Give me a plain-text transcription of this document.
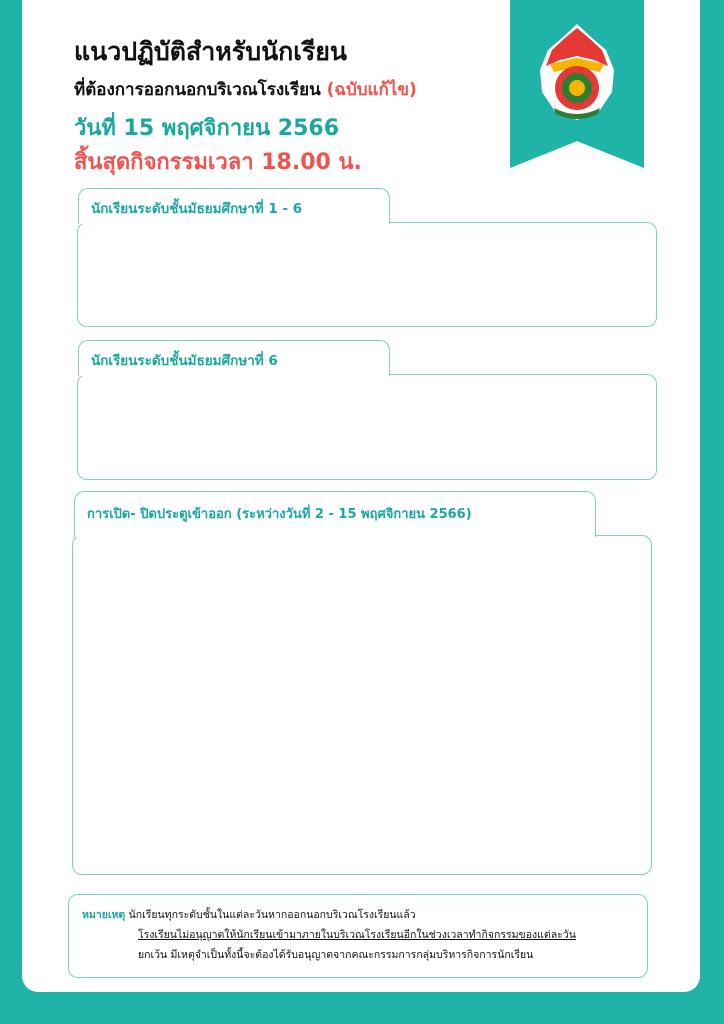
แนวปฏิบัติสำหรับนักเรียน
ที่ต้องการออกนอกบริเวณโรงเรียน (ฉบับแก้ไข)
วันที่ 15 พฤศจิกายน 2566
สิ้นสุดกิจกรรมเวลา 18.00 น.
นักเรียนระดับชั้นมัธยมศึกษาที่ 1 - 6
นักเรียนระดับชั้นมัธยมศึกษาที่ 6
การเปิด- ปิดประตูเข้าออก (ระหว่างวันที่ 2 - 15 พฤศจิกายน 2566)
หมายเหตุ นักเรียนทุกระดับชั้นในแต่ละวันหากออกนอกบริเวณโรงเรียนแล้ว
โรงเรียนไม่อนุญาตให้นักเรียนเข้ามาภายในบริเวณโรงเรียนอีกในช่วงเวลาทำกิจกรรมของแต่ละวัน
ยกเว้น มีเหตุจำเป็นทั้งนี้จะต้องได้รับอนุญาตจากคณะกรรมการกลุ่มบริหารกิจการนักเรียน
